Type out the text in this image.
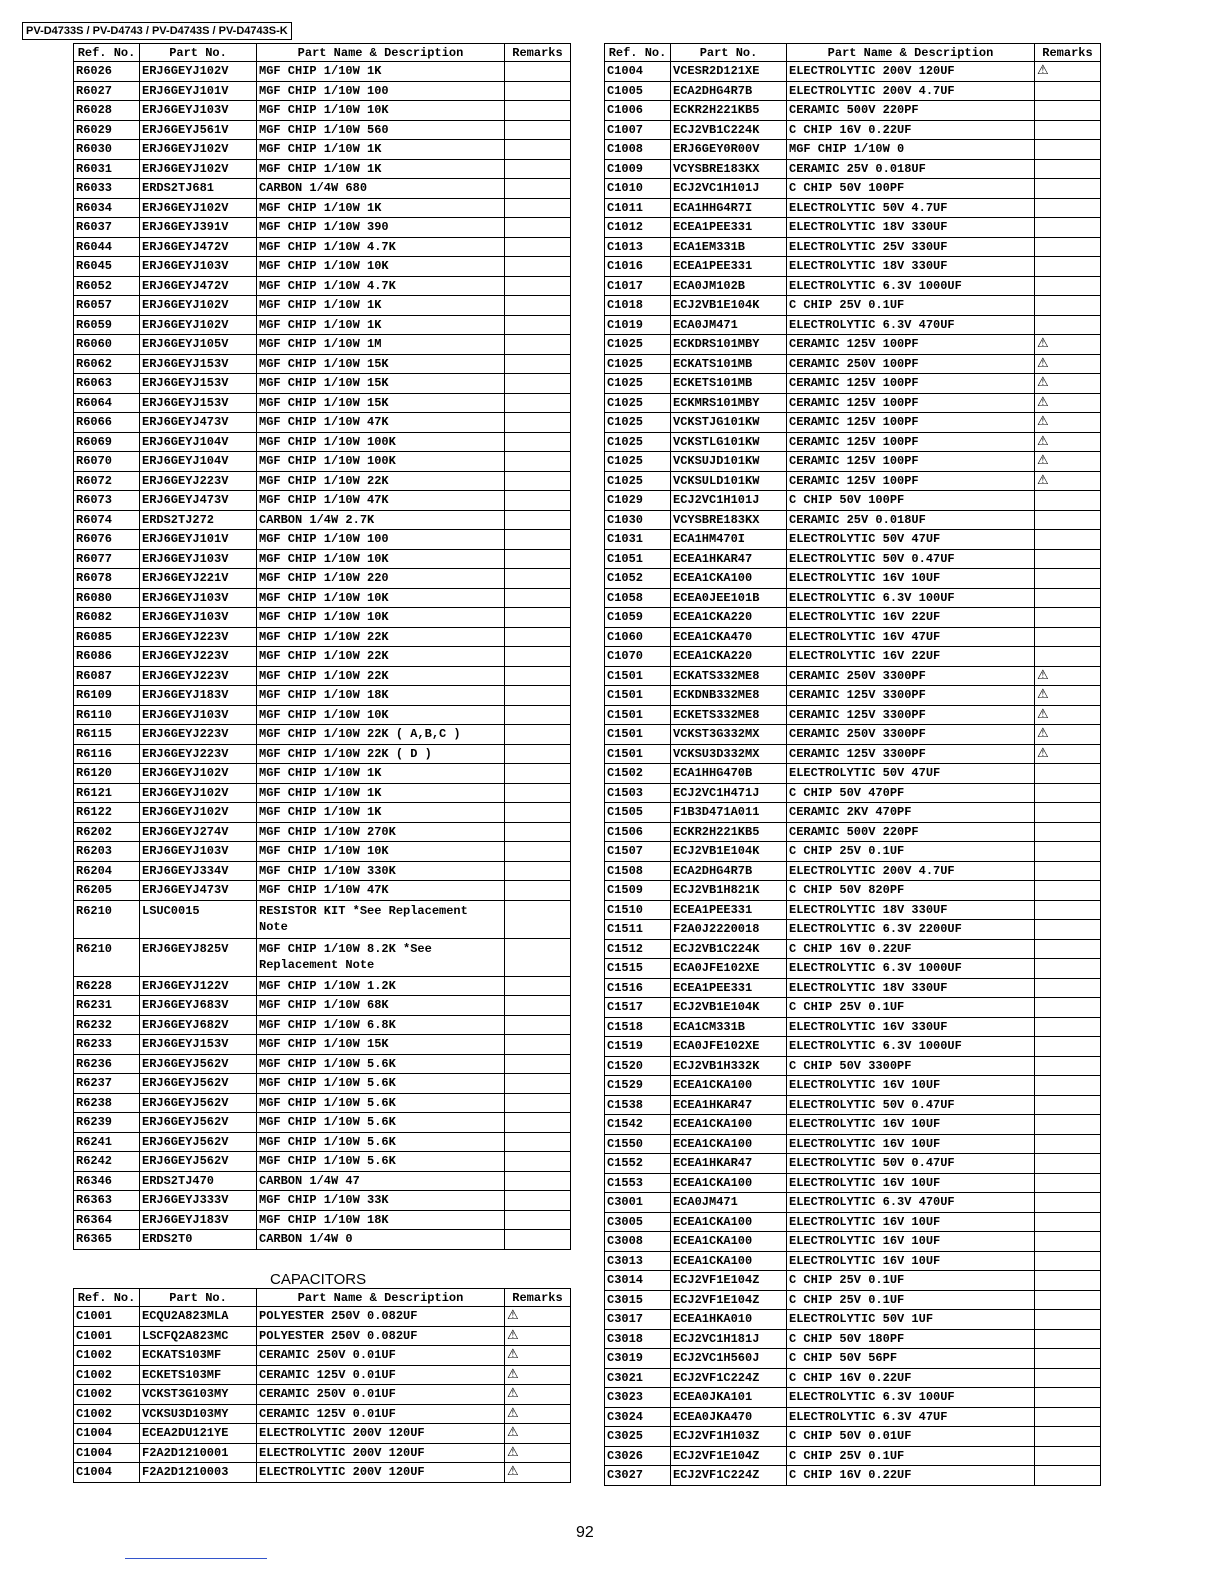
PV-D4733S / PV-D4743 / PV-D4743S / PV-D4743S-K
Ref. No.	Part No.	Part Name & Description	Remarks
R6026	ERJ6GEYJ102V	MGF CHIP 1/10W 1K	
R6027	ERJ6GEYJ101V	MGF CHIP 1/10W 100	
R6028	ERJ6GEYJ103V	MGF CHIP 1/10W 10K	
R6029	ERJ6GEYJ561V	MGF CHIP 1/10W 560	
R6030	ERJ6GEYJ102V	MGF CHIP 1/10W 1K	
R6031	ERJ6GEYJ102V	MGF CHIP 1/10W 1K	
R6033	ERDS2TJ681	CARBON 1/4W 680	
R6034	ERJ6GEYJ102V	MGF CHIP 1/10W 1K	
R6037	ERJ6GEYJ391V	MGF CHIP 1/10W 390	
R6044	ERJ6GEYJ472V	MGF CHIP 1/10W 4.7K	
R6045	ERJ6GEYJ103V	MGF CHIP 1/10W 10K	
R6052	ERJ6GEYJ472V	MGF CHIP 1/10W 4.7K	
R6057	ERJ6GEYJ102V	MGF CHIP 1/10W 1K	
R6059	ERJ6GEYJ102V	MGF CHIP 1/10W 1K	
R6060	ERJ6GEYJ105V	MGF CHIP 1/10W 1M	
R6062	ERJ6GEYJ153V	MGF CHIP 1/10W 15K	
R6063	ERJ6GEYJ153V	MGF CHIP 1/10W 15K	
R6064	ERJ6GEYJ153V	MGF CHIP 1/10W 15K	
R6066	ERJ6GEYJ473V	MGF CHIP 1/10W 47K	
R6069	ERJ6GEYJ104V	MGF CHIP 1/10W 100K	
R6070	ERJ6GEYJ104V	MGF CHIP 1/10W 100K	
R6072	ERJ6GEYJ223V	MGF CHIP 1/10W 22K	
R6073	ERJ6GEYJ473V	MGF CHIP 1/10W 47K	
R6074	ERDS2TJ272	CARBON 1/4W 2.7K	
R6076	ERJ6GEYJ101V	MGF CHIP 1/10W 100	
R6077	ERJ6GEYJ103V	MGF CHIP 1/10W 10K	
R6078	ERJ6GEYJ221V	MGF CHIP 1/10W 220	
R6080	ERJ6GEYJ103V	MGF CHIP 1/10W 10K	
R6082	ERJ6GEYJ103V	MGF CHIP 1/10W 10K	
R6085	ERJ6GEYJ223V	MGF CHIP 1/10W 22K	
R6086	ERJ6GEYJ223V	MGF CHIP 1/10W 22K	
R6087	ERJ6GEYJ223V	MGF CHIP 1/10W 22K	
R6109	ERJ6GEYJ183V	MGF CHIP 1/10W 18K	
R6110	ERJ6GEYJ103V	MGF CHIP 1/10W 10K	
R6115	ERJ6GEYJ223V	MGF CHIP 1/10W 22K ( A,B,C )	
R6116	ERJ6GEYJ223V	MGF CHIP 1/10W 22K ( D )	
R6120	ERJ6GEYJ102V	MGF CHIP 1/10W 1K	
R6121	ERJ6GEYJ102V	MGF CHIP 1/10W 1K	
R6122	ERJ6GEYJ102V	MGF CHIP 1/10W 1K	
R6202	ERJ6GEYJ274V	MGF CHIP 1/10W 270K	
R6203	ERJ6GEYJ103V	MGF CHIP 1/10W 10K	
R6204	ERJ6GEYJ334V	MGF CHIP 1/10W 330K	
R6205	ERJ6GEYJ473V	MGF CHIP 1/10W 47K	
R6210	LSUC0015	RESISTOR KIT *See Replacement Note	
R6210	ERJ6GEYJ825V	MGF CHIP 1/10W 8.2K *See Replacement Note	
R6228	ERJ6GEYJ122V	MGF CHIP 1/10W 1.2K	
R6231	ERJ6GEYJ683V	MGF CHIP 1/10W 68K	
R6232	ERJ6GEYJ682V	MGF CHIP 1/10W 6.8K	
R6233	ERJ6GEYJ153V	MGF CHIP 1/10W 15K	
R6236	ERJ6GEYJ562V	MGF CHIP 1/10W 5.6K	
R6237	ERJ6GEYJ562V	MGF CHIP 1/10W 5.6K	
R6238	ERJ6GEYJ562V	MGF CHIP 1/10W 5.6K	
R6239	ERJ6GEYJ562V	MGF CHIP 1/10W 5.6K	
R6241	ERJ6GEYJ562V	MGF CHIP 1/10W 5.6K	
R6242	ERJ6GEYJ562V	MGF CHIP 1/10W 5.6K	
R6346	ERDS2TJ470	CARBON 1/4W 47	
R6363	ERJ6GEYJ333V	MGF CHIP 1/10W 33K	
R6364	ERJ6GEYJ183V	MGF CHIP 1/10W 18K	
R6365	ERDS2T0	CARBON 1/4W 0	
CAPACITORS
Ref. No.	Part No.	Part Name & Description	Remarks
C1001	ECQU2A823MLA	POLYESTER 250V 0.082UF	⚠
C1001	LSCFQ2A823MC	POLYESTER 250V 0.082UF	⚠
C1002	ECKATS103MF	CERAMIC 250V 0.01UF	⚠
C1002	ECKETS103MF	CERAMIC 125V 0.01UF	⚠
C1002	VCKST3G103MY	CERAMIC 250V 0.01UF	⚠
C1002	VCKSU3D103MY	CERAMIC 125V 0.01UF	⚠
C1004	ECEA2DU121YE	ELECTROLYTIC 200V 120UF	⚠
C1004	F2A2D1210001	ELECTROLYTIC 200V 120UF	⚠
C1004	F2A2D1210003	ELECTROLYTIC 200V 120UF	⚠
Ref. No.	Part No.	Part Name & Description	Remarks
C1004	VCESR2D121XE	ELECTROLYTIC 200V 120UF	⚠
C1005	ECA2DHG4R7B	ELECTROLYTIC 200V 4.7UF	
C1006	ECKR2H221KB5	CERAMIC 500V 220PF	
C1007	ECJ2VB1C224K	C CHIP 16V 0.22UF	
C1008	ERJ6GEY0R00V	MGF CHIP 1/10W 0	
C1009	VCYSBRE183KX	CERAMIC 25V 0.018UF	
C1010	ECJ2VC1H101J	C CHIP 50V 100PF	
C1011	ECA1HHG4R7I	ELECTROLYTIC 50V 4.7UF	
C1012	ECEA1PEE331	ELECTROLYTIC 18V 330UF	
C1013	ECA1EM331B	ELECTROLYTIC 25V 330UF	
C1016	ECEA1PEE331	ELECTROLYTIC 18V 330UF	
C1017	ECA0JM102B	ELECTROLYTIC 6.3V 1000UF	
C1018	ECJ2VB1E104K	C CHIP 25V 0.1UF	
C1019	ECA0JM471	ELECTROLYTIC 6.3V 470UF	
C1025	ECKDRS101MBY	CERAMIC 125V 100PF	⚠
C1025	ECKATS101MB	CERAMIC 250V 100PF	⚠
C1025	ECKETS101MB	CERAMIC 125V 100PF	⚠
C1025	ECKMRS101MBY	CERAMIC 125V 100PF	⚠
C1025	VCKSTJG101KW	CERAMIC 125V 100PF	⚠
C1025	VCKSTLG101KW	CERAMIC 125V 100PF	⚠
C1025	VCKSUJD101KW	CERAMIC 125V 100PF	⚠
C1025	VCKSULD101KW	CERAMIC 125V 100PF	⚠
C1029	ECJ2VC1H101J	C CHIP 50V 100PF	
C1030	VCYSBRE183KX	CERAMIC 25V 0.018UF	
C1031	ECA1HM470I	ELECTROLYTIC 50V 47UF	
C1051	ECEA1HKAR47	ELECTROLYTIC 50V 0.47UF	
C1052	ECEA1CKA100	ELECTROLYTIC 16V 10UF	
C1058	ECEA0JEE101B	ELECTROLYTIC 6.3V 100UF	
C1059	ECEA1CKA220	ELECTROLYTIC 16V 22UF	
C1060	ECEA1CKA470	ELECTROLYTIC 16V 47UF	
C1070	ECEA1CKA220	ELECTROLYTIC 16V 22UF	
C1501	ECKATS332ME8	CERAMIC 250V 3300PF	⚠
C1501	ECKDNB332ME8	CERAMIC 125V 3300PF	⚠
C1501	ECKETS332ME8	CERAMIC 125V 3300PF	⚠
C1501	VCKST3G332MX	CERAMIC 250V 3300PF	⚠
C1501	VCKSU3D332MX	CERAMIC 125V 3300PF	⚠
C1502	ECA1HHG470B	ELECTROLYTIC 50V 47UF	
C1503	ECJ2VC1H471J	C CHIP 50V 470PF	
C1505	F1B3D471A011	CERAMIC 2KV 470PF	
C1506	ECKR2H221KB5	CERAMIC 500V 220PF	
C1507	ECJ2VB1E104K	C CHIP 25V 0.1UF	
C1508	ECA2DHG4R7B	ELECTROLYTIC 200V 4.7UF	
C1509	ECJ2VB1H821K	C CHIP 50V 820PF	
C1510	ECEA1PEE331	ELECTROLYTIC 18V 330UF	
C1511	F2A0J2220018	ELECTROLYTIC 6.3V 2200UF	
C1512	ECJ2VB1C224K	C CHIP 16V 0.22UF	
C1515	ECA0JFE102XE	ELECTROLYTIC 6.3V 1000UF	
C1516	ECEA1PEE331	ELECTROLYTIC 18V 330UF	
C1517	ECJ2VB1E104K	C CHIP 25V 0.1UF	
C1518	ECA1CM331B	ELECTROLYTIC 16V 330UF	
C1519	ECA0JFE102XE	ELECTROLYTIC 6.3V 1000UF	
C1520	ECJ2VB1H332K	C CHIP 50V 3300PF	
C1529	ECEA1CKA100	ELECTROLYTIC 16V 10UF	
C1538	ECEA1HKAR47	ELECTROLYTIC 50V 0.47UF	
C1542	ECEA1CKA100	ELECTROLYTIC 16V 10UF	
C1550	ECEA1CKA100	ELECTROLYTIC 16V 10UF	
C1552	ECEA1HKAR47	ELECTROLYTIC 50V 0.47UF	
C1553	ECEA1CKA100	ELECTROLYTIC 16V 10UF	
C3001	ECA0JM471	ELECTROLYTIC 6.3V 470UF	
C3005	ECEA1CKA100	ELECTROLYTIC 16V 10UF	
C3008	ECEA1CKA100	ELECTROLYTIC 16V 10UF	
C3013	ECEA1CKA100	ELECTROLYTIC 16V 10UF	
C3014	ECJ2VF1E104Z	C CHIP 25V 0.1UF	
C3015	ECJ2VF1E104Z	C CHIP 25V 0.1UF	
C3017	ECEA1HKA010	ELECTROLYTIC 50V 1UF	
C3018	ECJ2VC1H181J	C CHIP 50V 180PF	
C3019	ECJ2VC1H560J	C CHIP 50V 56PF	
C3021	ECJ2VF1C224Z	C CHIP 16V 0.22UF	
C3023	ECEA0JKA101	ELECTROLYTIC 6.3V 100UF	
C3024	ECEA0JKA470	ELECTROLYTIC 6.3V 47UF	
C3025	ECJ2VF1H103Z	C CHIP 50V 0.01UF	
C3026	ECJ2VF1E104Z	C CHIP 25V 0.1UF	
C3027	ECJ2VF1C224Z	C CHIP 16V 0.22UF	
92
